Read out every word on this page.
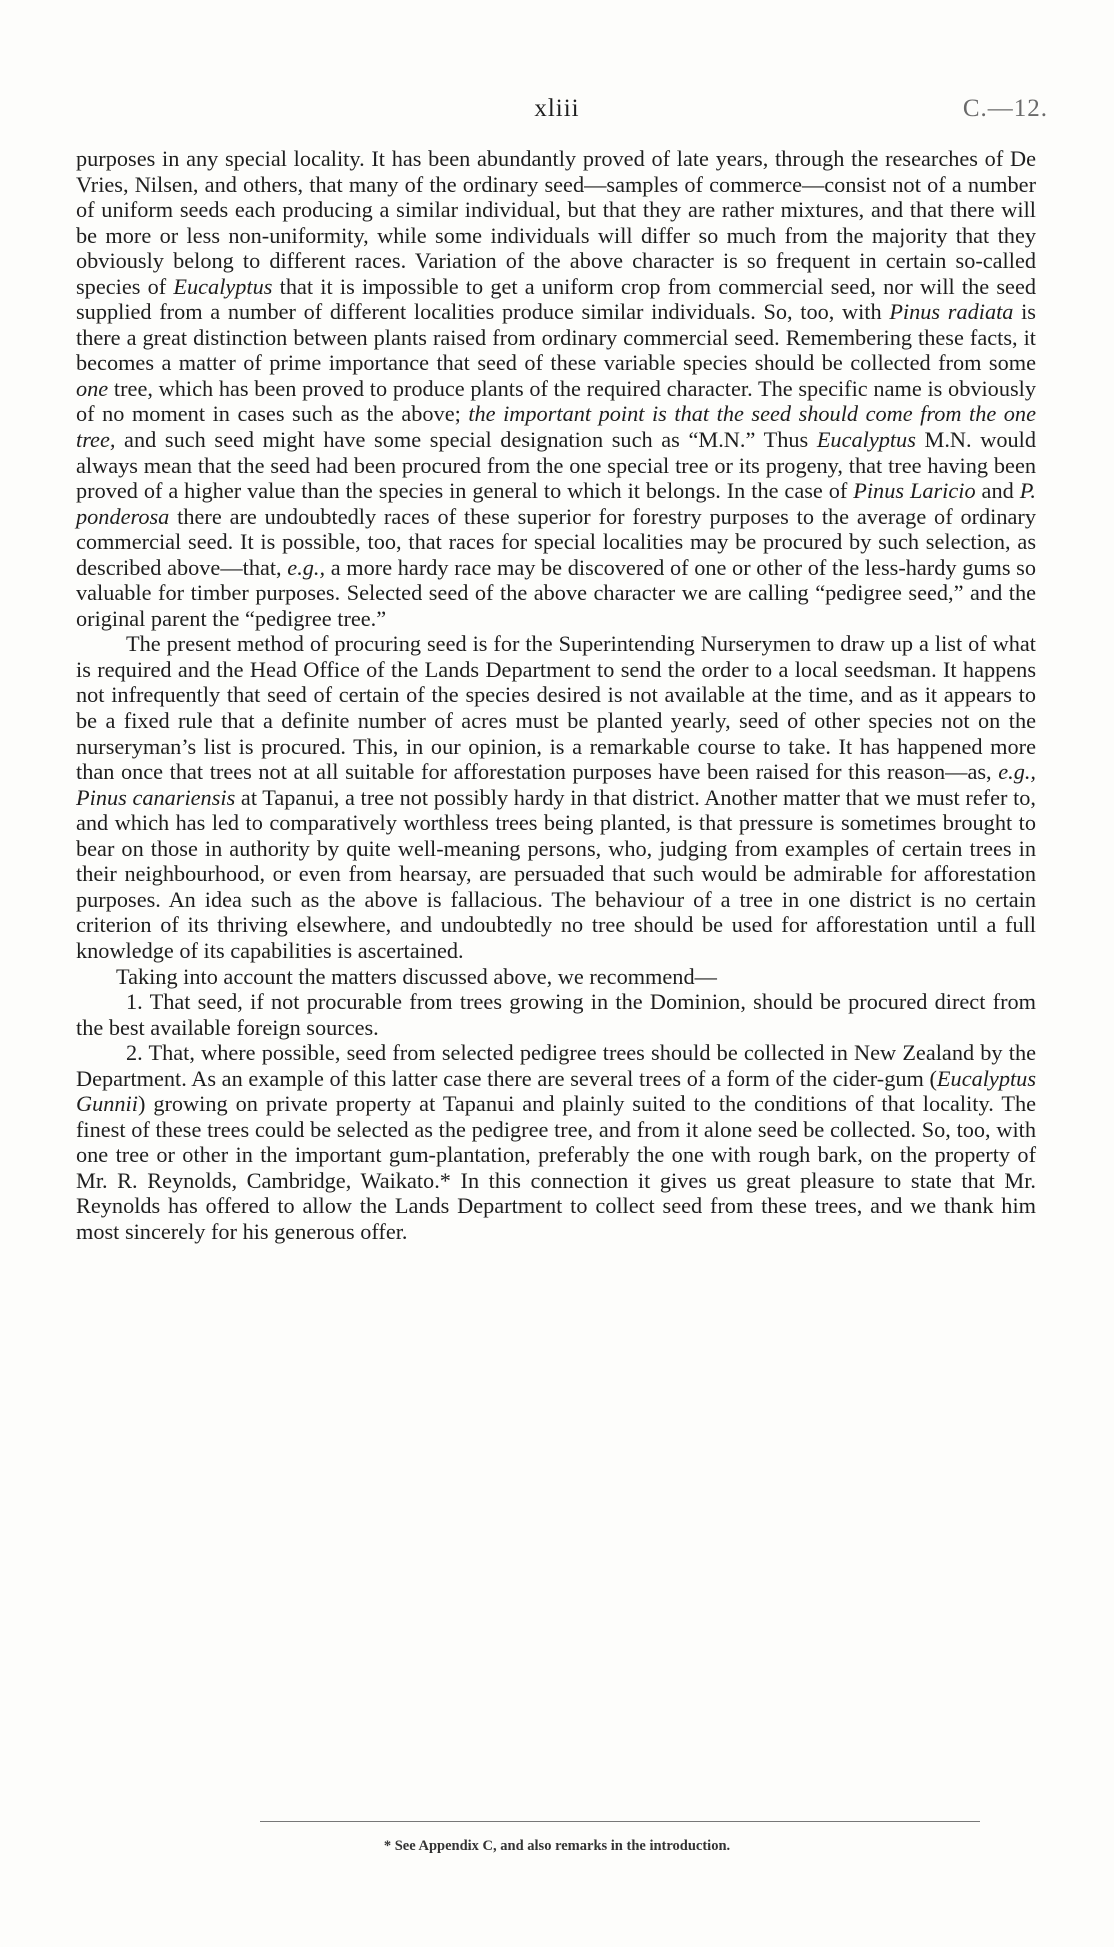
xliii	C.—12.

purposes in any special locality. It has been abundantly proved of late years, through the researches of De Vries, Nilsen, and others, that many of the ordinary seed—samples of commerce—consist not of a number of uniform seeds each producing a similar individual, but that they are rather mixtures, and that there will be more or less non-uniformity, while some individuals will differ so much from the majority that they obviously belong to different races. Variation of the above character is so frequent in certain so-called species of Eucalyptus that it is impossible to get a uniform crop from commercial seed, nor will the seed supplied from a number of different localities produce similar individuals. So, too, with Pinus radiata is there a great distinction between plants raised from ordinary commercial seed. Remembering these facts, it becomes a matter of prime importance that seed of these variable species should be collected from some one tree, which has been proved to produce plants of the required character. The specific name is obviously of no moment in cases such as the above; the important point is that the seed should come from the one tree, and such seed might have some special designation such as “M.N.” Thus Eucalyptus M.N. would always mean that the seed had been procured from the one special tree or its progeny, that tree having been proved of a higher value than the species in general to which it belongs. In the case of Pinus Laricio and P. ponderosa there are undoubtedly races of these superior for forestry purposes to the average of ordinary commercial seed. It is possible, too, that races for special localities may be procured by such selection, as described above—that, e.g., a more hardy race may be discovered of one or other of the less-hardy gums so valuable for timber purposes. Selected seed of the above character we are calling “pedigree seed,” and the original parent the “pedigree tree.”

The present method of procuring seed is for the Superintending Nurserymen to draw up a list of what is required and the Head Office of the Lands Department to send the order to a local seedsman. It happens not infrequently that seed of certain of the species desired is not available at the time, and as it appears to be a fixed rule that a definite number of acres must be planted yearly, seed of other species not on the nurseryman’s list is procured. This, in our opinion, is a remarkable course to take. It has happened more than once that trees not at all suitable for afforestation purposes have been raised for this reason—as, e.g., Pinus canariensis at Tapanui, a tree not possibly hardy in that district. Another matter that we must refer to, and which has led to comparatively worthless trees being planted, is that pressure is sometimes brought to bear on those in authority by quite well-meaning persons, who, judging from examples of certain trees in their neighbourhood, or even from hearsay, are persuaded that such would be admirable for afforestation purposes. An idea such as the above is fallacious. The behaviour of a tree in one district is no certain criterion of its thriving elsewhere, and undoubtedly no tree should be used for afforestation until a full knowledge of its capabilities is ascertained.

Taking into account the matters discussed above, we recommend—

1. That seed, if not procurable from trees growing in the Dominion, should be procured direct from the best available foreign sources.

2. That, where possible, seed from selected pedigree trees should be collected in New Zealand by the Department. As an example of this latter case there are several trees of a form of the cider-gum (Eucalyptus Gunnii) growing on private property at Tapanui and plainly suited to the conditions of that locality. The finest of these trees could be selected as the pedigree tree, and from it alone seed be collected. So, too, with one tree or other in the important gum-plantation, preferably the one with rough bark, on the property of Mr. R. Reynolds, Cambridge, Waikato.* In this connection it gives us great pleasure to state that Mr. Reynolds has offered to allow the Lands Department to collect seed from these trees, and we thank him most sincerely for his generous offer.

* See Appendix C, and also remarks in the introduction.
